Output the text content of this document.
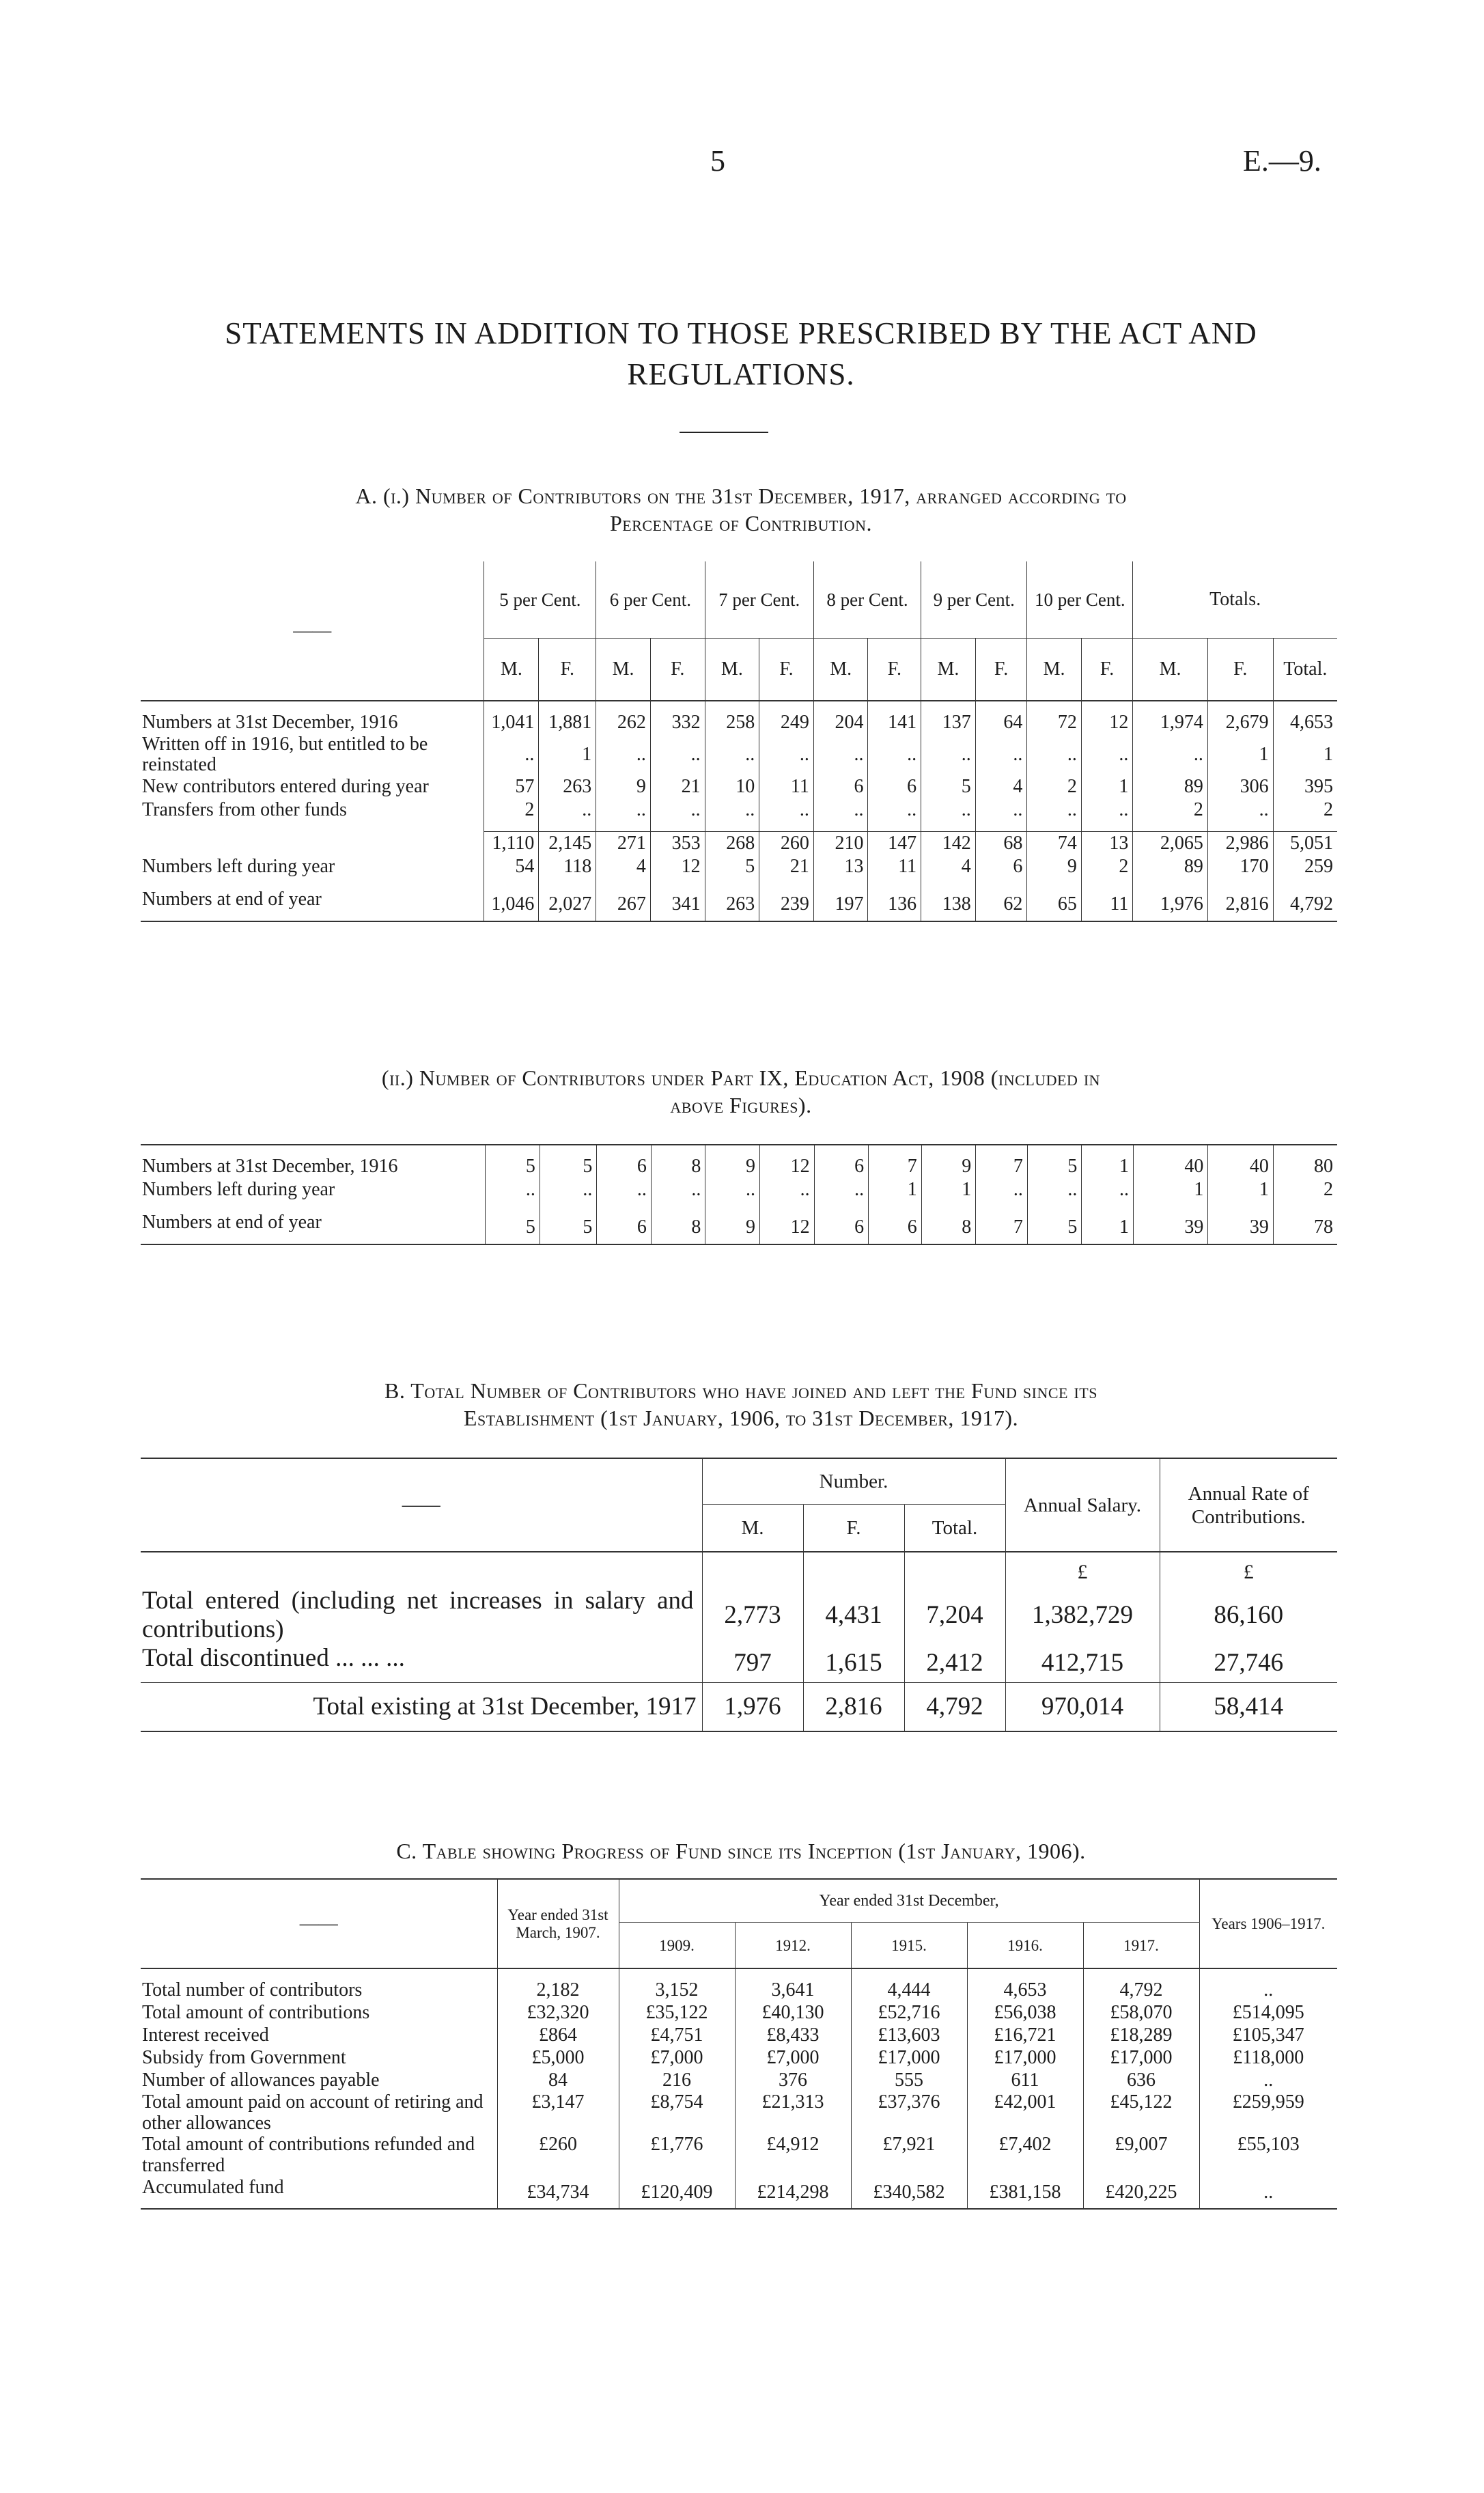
5	E.—9.
STATEMENTS IN ADDITION TO THOSE PRESCRIBED BY THE ACT AND
REGULATIONS.
A. (i.) Number of Contributors on the 31st December, 1917, arranged according to
Percentage of Contribution.
——	5 per Cent.		6 per Cent.		7 per Cent.		8 per Cent.		9 per Cent.		10 per Cent.		Totals.		
	M.	F.	M.	F.	M.	F.	M.	F.	M.	F.	M.	F.	M.	F.	Total.

Numbers at 31st December, 1916	1,041	1,881	262	332	258	249	204	141	137	64	72	12	1,974	2,679	4,653
Written off in 1916, but entitled to be reinstated	..	1	..	..	..	..	..	..	..	..	..	..	..	1	1
New contributors entered during year	57	263	9	21	10	11	6	6	5	4	2	1	89	306	395
Transfers from other funds	2	..	..	..	..	..	..	..	..	..	..	..	2	..	2

	1,110	2,145	271	353	268	260	210	147	142	68	74	13	2,065	2,986	5,051
Numbers left during year	54	118	4	12	5	21	13	11	4	6	9	2	89	170	259

Numbers at end of year	1,046	2,027	267	341	263	239	197	136	138	62	65	11	1,976	2,816	4,792
(ii.) Number of Contributors under Part IX, Education Act, 1908 (included in
above Figures).

Numbers at 31st December, 1916	5	5	6	8	9	12	6	7	9	7	5	1	40	40	80
Numbers left during year	..	..	..	..	..	..	..	1	1	..	..	..	1	1	2

Numbers at end of year	5	5	6	8	9	12	6	6	8	7	5	1	39	39	78
B. Total Number of Contributors who have joined and left the Fund since its
Establishment (1st January, 1906, to 31st December, 1917).
——	Number.			Annual Salary.	Annual Rate of Contributions.
	M.	F.	Total.		
				£	£
Total entered (including net increases in salary and contributions)	2,773	4,431	7,204	1,382,729	86,160
Total discontinued ... ... ...	797	1,615	2,412	412,715	27,746
Total existing at 31st December, 1917	1,976	2,816	4,792	970,014	58,414
C. Table showing Progress of Fund since its Inception (1st January, 1906).
——	Year ended 31st March, 1907.	Year ended 31st December,					Years 1906–1917.
		1909.	1912.	1915.	1916.	1917.	

Total number of contributors	2,182	3,152	3,641	4,444	4,653	4,792	..
Total amount of contributions	£32,320	£35,122	£40,130	£52,716	£56,038	£58,070	£514,095
Interest received	£864	£4,751	£8,433	£13,603	£16,721	£18,289	£105,347
Subsidy from Government	£5,000	£7,000	£7,000	£17,000	£17,000	£17,000	£118,000
Number of allowances payable	84	216	376	555	611	636	..
Total amount paid on account of retiring and other allowances	£3,147	£8,754	£21,313	£37,376	£42,001	£45,122	£259,959
Total amount of contributions refunded and transferred	£260	£1,776	£4,912	£7,921	£7,402	£9,007	£55,103
Accumulated fund	£34,734	£120,409	£214,298	£340,582	£381,158	£420,225	..
